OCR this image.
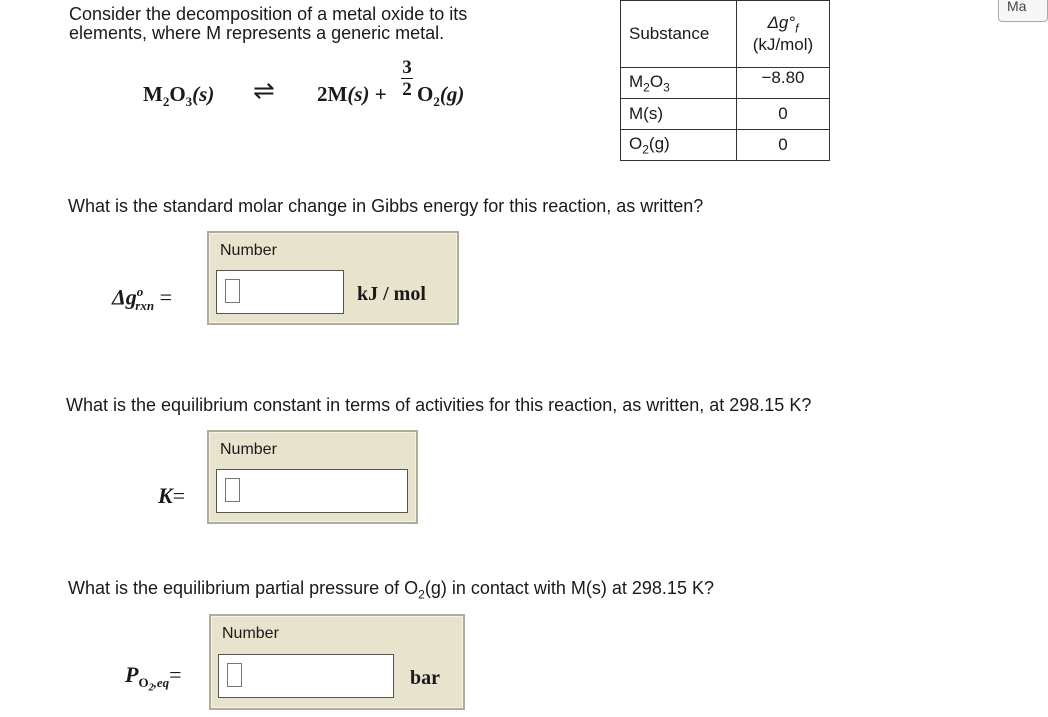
Consider the decomposition of a metal oxide to its
elements, where M represents a generic metal.
$M_2O_3(s)$ ⇌ 2M(s) +
3
2 $O_2(g)$
Substance	$\Delta g^\circ_f$
(kJ/mol)

$M_2O_3$	−8.80
M(s)	0
$O_2(g)$	0
Ma
What is the standard molar change in Gibbs energy for this reaction, as written?
Number
kJ / mol
$\Delta g^o_{rxn}$ =
What is the equilibrium constant in terms of activities for this reaction, as written, at 298.15 K?
Number
K=
What is the equilibrium partial pressure of $O_2(g)$ in contact with M(s) at 298.15 K?
Number
bar
$P_{O_2,eq}=$
